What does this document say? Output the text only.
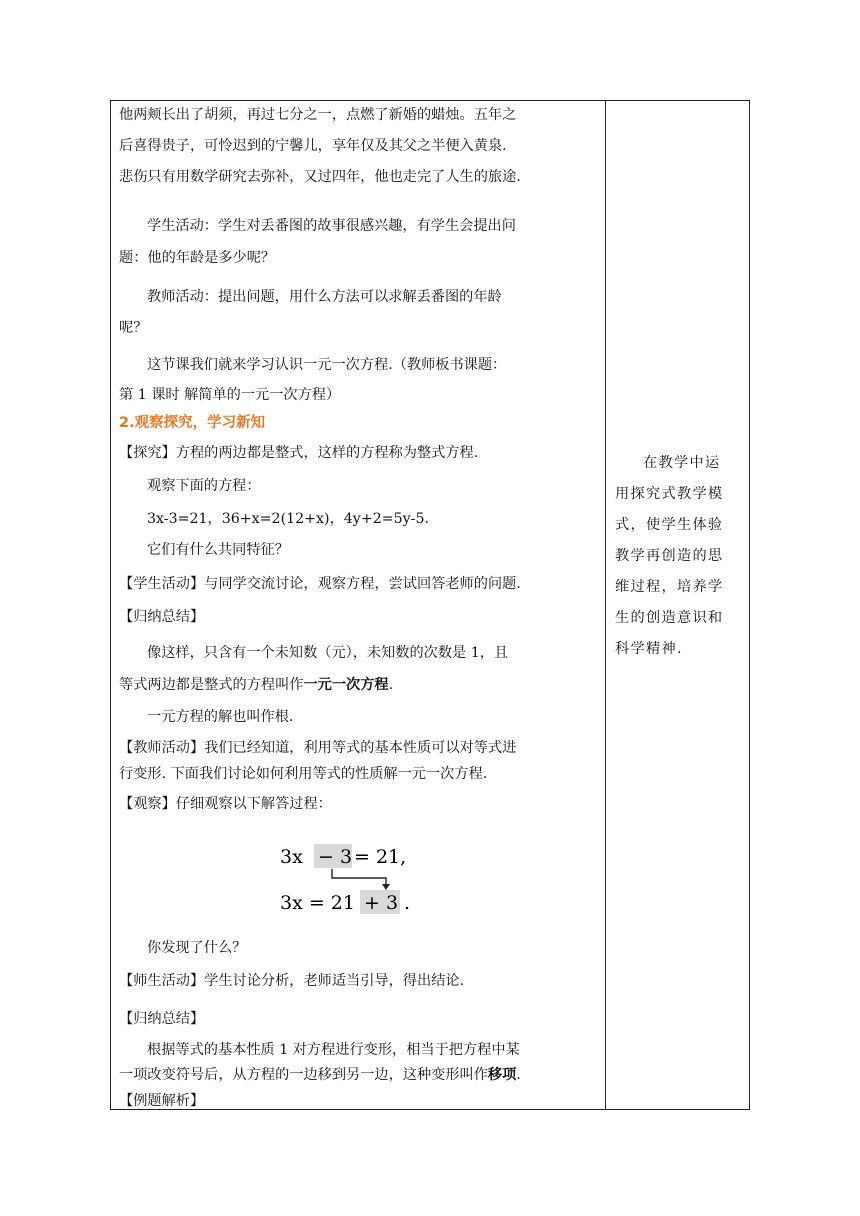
他两颊长出了胡须，再过七分之一，点燃了新婚的蜡烛。五年之
后喜得贵子，可怜迟到的宁馨儿，享年仅及其父之半便入黄泉.
悲伤只有用数学研究去弥补，又过四年，他也走完了人生的旅途.
学生活动：学生对丢番图的故事很感兴趣，有学生会提出问
题：他的年龄是多少呢？
教师活动：提出问题，用什么方法可以求解丢番图的年龄
呢？
这节课我们就来学习认识一元一次方程.（教师板书课题：
第 1 课时 解简单的一元一次方程）
2.观察探究，学习新知
【探究】方程的两边都是整式，这样的方程称为整式方程.
观察下面的方程：
3x-3=21，36+x=2(12+x)，4y+2=5y-5.
它们有什么共同特征？
【学生活动】与同学交流讨论，观察方程，尝试回答老师的问题.
【归纳总结】
像这样，只含有一个未知数（元），未知数的次数是 1，且
等式两边都是整式的方程叫作一元一次方程.
一元方程的解也叫作根.
【教师活动】我们已经知道，利用等式的基本性质可以对等式进
行变形. 下面我们讨论如何利用等式的性质解一元一次方程.
【观察】仔细观察以下解答过程：
你发现了什么？
【师生活动】学生讨论分析，老师适当引导，得出结论.
【归纳总结】
根据等式的基本性质 1 对方程进行变形，相当于把方程中某
一项改变符号后，从方程的一边移到另一边，这种变形叫作移项.
【例题解析】
3x − 3 = 21,
3x = 21 + 3 .
在教学中运
用探究式教学模
式，使学生体验
教学再创造的思
维过程，培养学
生的创造意识和
科学精神.
